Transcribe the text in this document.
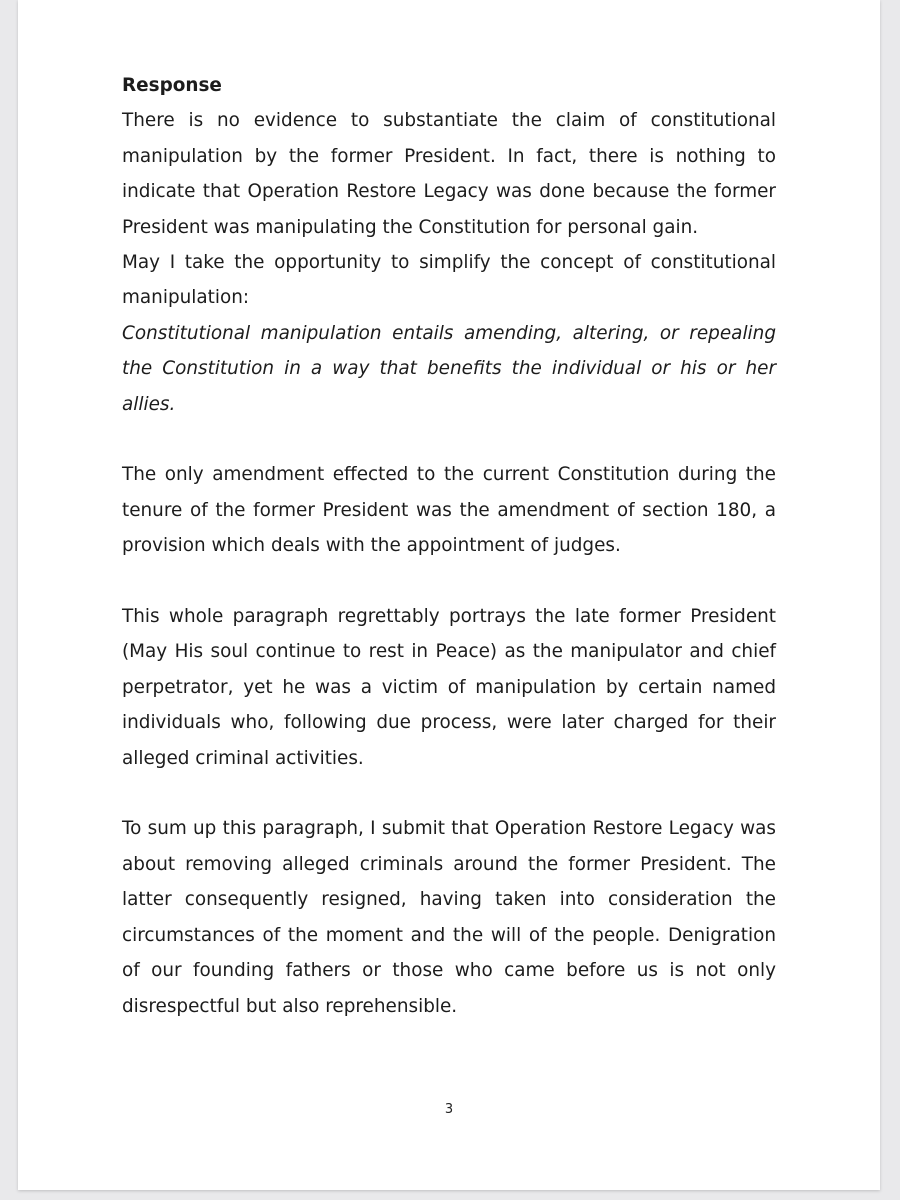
Response

There is no evidence to substantiate the claim of constitutional manipulation by the former President. In fact, there is nothing to indicate that Operation Restore Legacy was done because the former President was manipulating the Constitution for personal gain.

May I take the opportunity to simplify the concept of constitutional manipulation:

Constitutional manipulation entails amending, altering, or repealing the Constitution in a way that benefits the individual or his or her allies.

The only amendment effected to the current Constitution during the tenure of the former President was the amendment of section 180, a provision which deals with the appointment of judges.

This whole paragraph regrettably portrays the late former President (May His soul continue to rest in Peace) as the manipulator and chief perpetrator, yet he was a victim of manipulation by certain named individuals who, following due process, were later charged for their alleged criminal activities.

To sum up this paragraph, I submit that Operation Restore Legacy was about removing alleged criminals around the former President. The latter consequently resigned, having taken into consideration the circumstances of the moment and the will of the people. Denigration of our founding fathers or those who came before us is not only disrespectful but also reprehensible.

3
